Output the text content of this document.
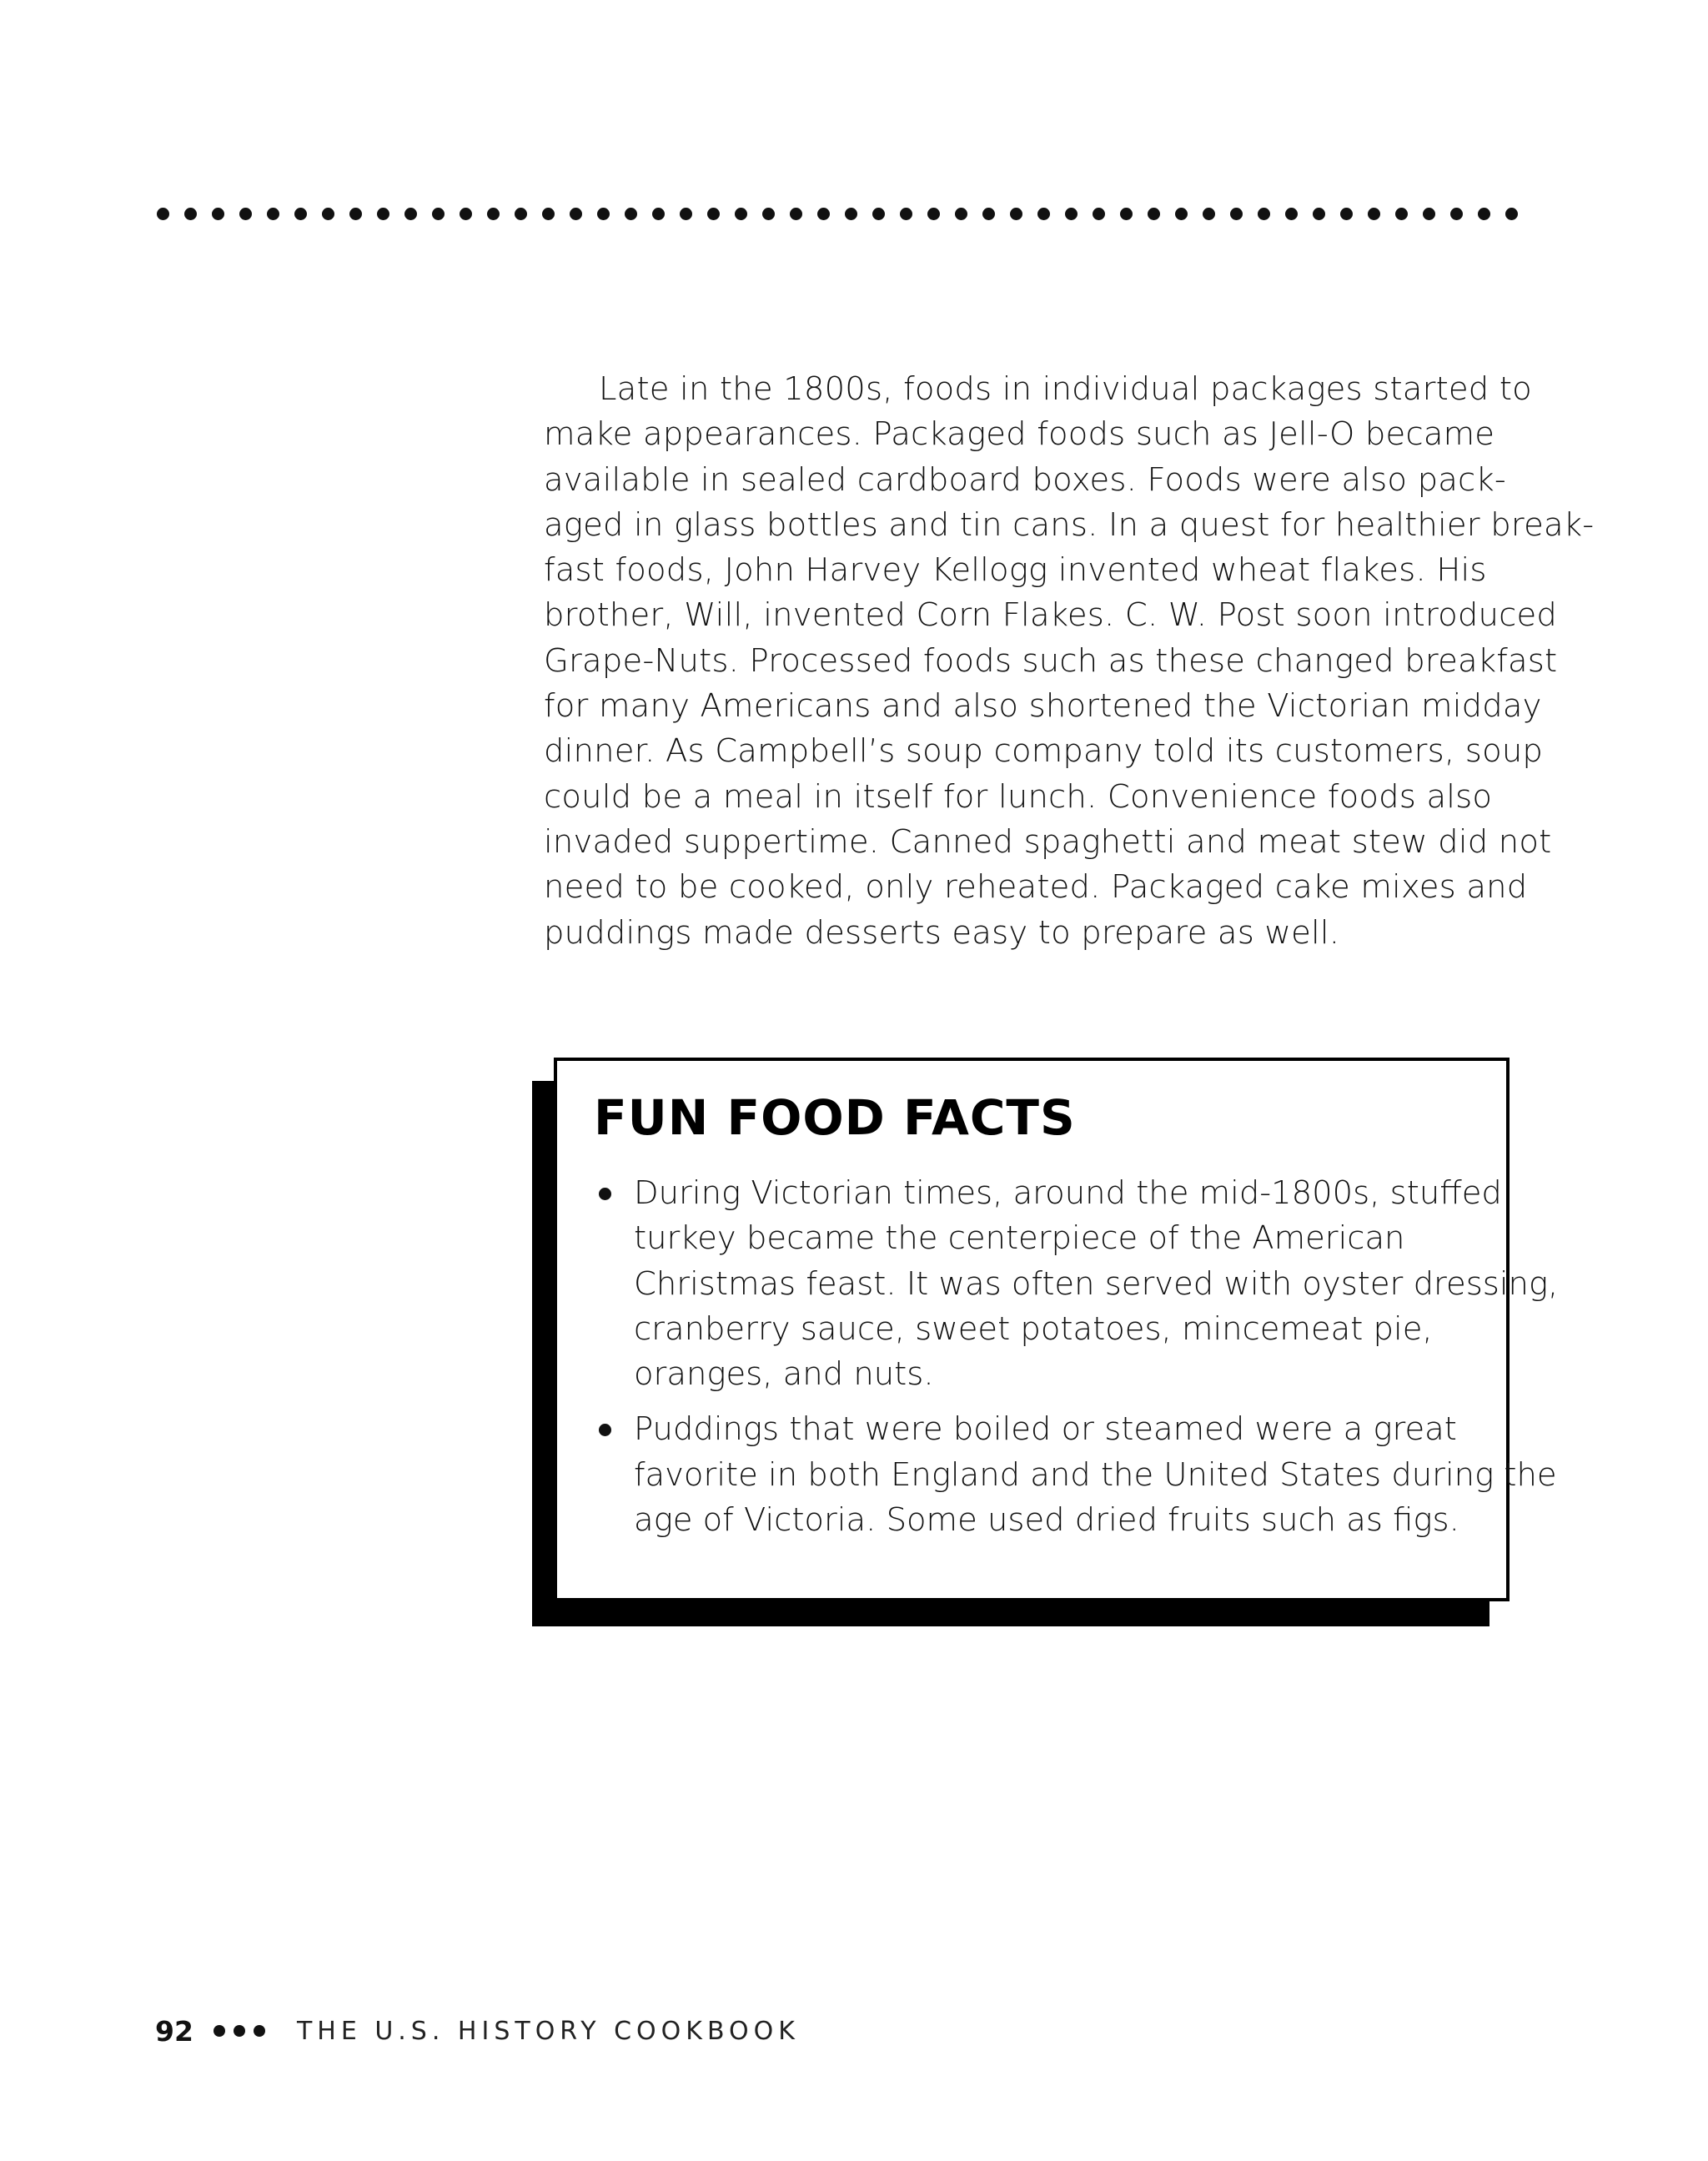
Late in the 1800s, foods in individual packages started to
make appearances. Packaged foods such as Jell-O became
available in sealed cardboard boxes. Foods were also pack-
aged in glass bottles and tin cans. In a quest for healthier break-
fast foods, John Harvey Kellogg invented wheat flakes. His
brother, Will, invented Corn Flakes. C. W. Post soon introduced
Grape-Nuts. Processed foods such as these changed breakfast
for many Americans and also shortened the Victorian midday
dinner. As Campbell’s soup company told its customers, soup
could be a meal in itself for lunch. Convenience foods also
invaded suppertime. Canned spaghetti and meat stew did not
need to be cooked, only reheated. Packaged cake mixes and
puddings made desserts easy to prepare as well.

FUN FOOD FACTS
During Victorian times, around the mid-1800s, stuffed
turkey became the centerpiece of the American
Christmas feast. It was often served with oyster dressing,
cranberry sauce, sweet potatoes, mincemeat pie,
oranges, and nuts.
Puddings that were boiled or steamed were a great
favorite in both England and the United States during the
age of Victoria. Some used dried fruits such as figs.
92	THE U.S. HISTORY COOKBOOK
